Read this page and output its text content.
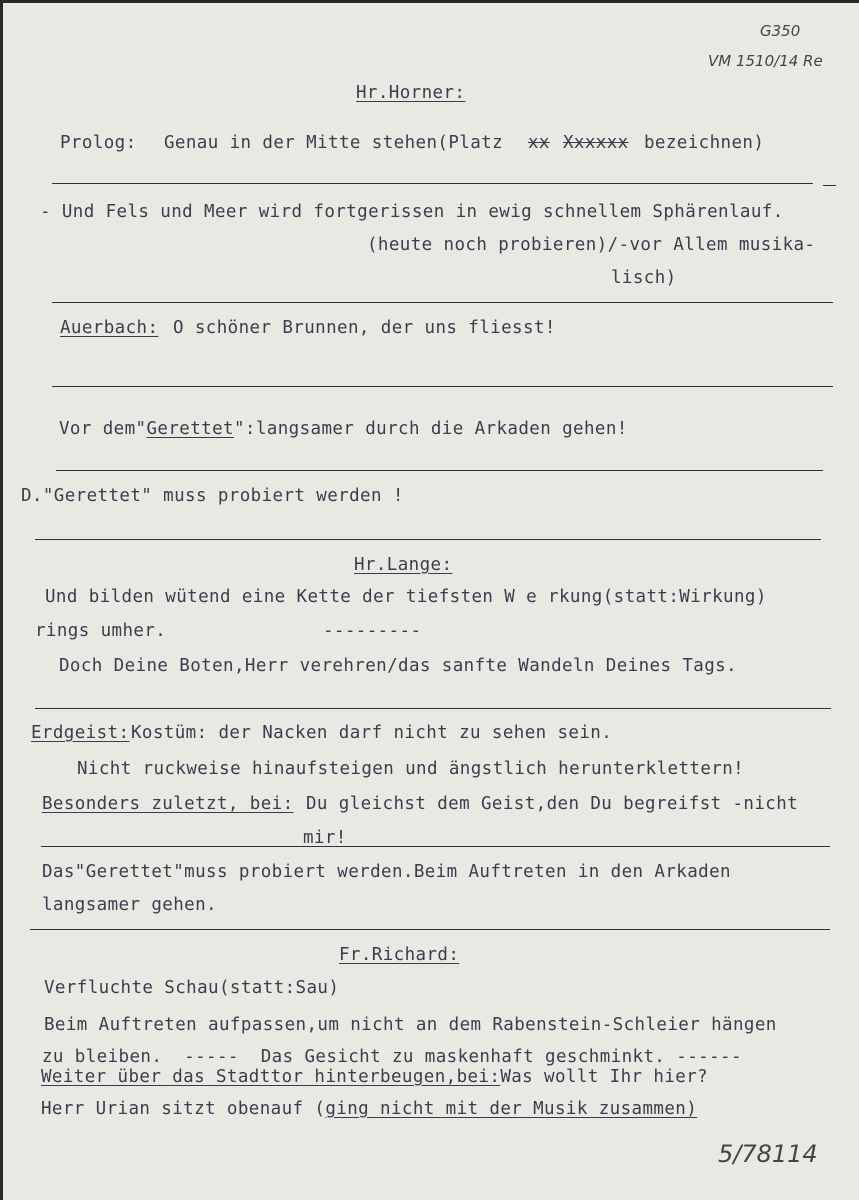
G350
VM 1510/14 Re
5/78114
Hr.Horner:
Prolog: Genau in der Mitte stehen(Platz xx Xxxxxx bezeichnen)
- Und Fels und Meer wird fortgerissen in ewig schnellem Sphärenlauf.
(heute noch probieren)/-vor Allem musika-
lisch)
Auerbach: O schöner Brunnen, der uns fliesst!
Vor dem"Gerettet":langsamer durch die Arkaden gehen!
D."Gerettet" muss probiert werden !
Hr.Lange:
Und bilden wütend eine Kette der tiefsten W e rkung(statt:Wirkung)
rings umher.	---------
Doch Deine Boten,Herr verehren/das sanfte Wandeln Deines Tags.
Erdgeist: Kostüm: der Nacken darf nicht zu sehen sein.
Nicht ruckweise hinaufsteigen und ängstlich herunterklettern!
Besonders zuletzt, bei: Du gleichst dem Geist,den Du begreifst -nicht
mir!
Das"Gerettet"muss probiert werden.Beim Auftreten in den Arkaden
langsamer gehen.
Fr.Richard:
Verfluchte Schau(statt:Sau)
Beim Auftreten aufpassen,um nicht an dem Rabenstein-Schleier hängen
zu bleiben.  -----  Das Gesicht zu maskenhaft geschminkt. ------
Weiter über das Stadttor hinterbeugen,bei:Was wollt Ihr hier?
Herr Urian sitzt obenauf (ging nicht mit der Musik zusammen)
